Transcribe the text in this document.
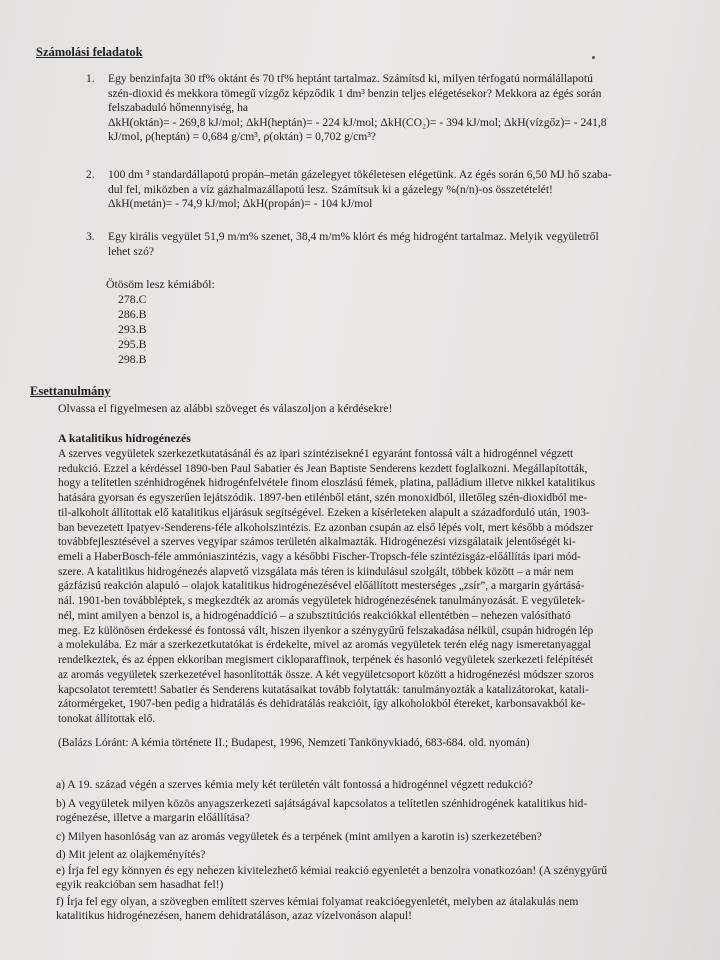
Számolási feladatok
1. Egy benzinfajta 30 tf% oktánt és 70 tf% heptánt tartalmaz. Számítsd ki, milyen térfogatú normálállapotú

szén-dioxid és mekkora tömegű vízgőz képződik 1 dm³ benzin teljes elégetésekor? Mekkora az égés során

felszabaduló hőmennyiség, ha

ΔkH(oktán)= - 269,8 kJ/mol; ΔkH(heptán)= - 224 kJ/mol; ΔkH(CO₂)= - 394 kJ/mol; ΔkH(vízgőz)= - 241,8

kJ/mol, ρ(heptán) = 0,684 g/cm³, ρ(oktán) = 0,702 g/cm³?

2. 100 dm ³ standardállapotú propán–metán gázelegyet tökéletesen elégetünk. Az égés során 6,50 MJ hő szaba-

dul fel, miközben a víz gázhalmazállapotú lesz. Számítsuk ki a gázelegy %(n/n)-os összetételét!

ΔkH(metán)= - 74,9 kJ/mol; ΔkH(propán)= - 104 kJ/mol

3. Egy királis vegyület 51,9 m/m% szenet, 38,4 m/m% klórt és még hidrogént tartalmaz. Melyik vegyületről

lehet szó?

Ötösöm lesz kémiából:
278.C
286.B
293.B
295.B
298.B
Esettanulmány

Olvassa el figyelmesen az alábbi szöveget és válaszoljon a kérdésekre!

A katalitikus hidrogénezés

A szerves vegyületek szerkezetkutatásánál és az ipari szintézisekné1 egyaránt fontossá vált a hidrogénnel végzett

redukció. Ezzel a kérdéssel 1890-ben Paul Sabatier és Jean Baptiste Senderens kezdett foglalkozni. Megállapították,

hogy a telítetlen szénhidrogének hidrogénfelvétele finom eloszlású fémek, platina, palládium illetve nikkel katalitikus

hatására gyorsan és egyszerűen lejátszódik. 1897-ben etilénből etánt, szén monoxidból, illetőleg szén-dioxidból me-

til-alkoholt állítottak elő katalitikus eljárásuk segítségével. Ezeken a kísérleteken alapult a századforduló után, 1903-

ban bevezetett Ipatyev-Senderens-féle alkoholszintézis. Ez azonban csupán az első lépés volt, mert később a módszer

továbbfejlesztésével a szerves vegyipar számos területén alkalmazták. Hidrogénezési vizsgálataik jelentőségét ki-

emeli a HaberBosch-féle ammóniaszintézis, vagy a későbbi Fischer-Tropsch-féle szintézisgáz-előállítás ipari mód-

szere. A katalitikus hidrogénezés alapvető vizsgálata más téren is kiindulásul szolgált, többek között – a már nem

gázfázisú reakción alapuló – olajok katalitikus hidrogénezésével előállított mesterséges „zsír”, a margarin gyártásá-

nál. 1901-ben továbbléptek, s megkezdték az aromás vegyületek hidrogénezésének tanulmányozását. E vegyületek-

nél, mint amilyen a benzol is, a hidrogénaddíció – a szubsztitúciós reakciókkal ellentétben – nehezen valósítható

meg. Ez különösen érdekessé és fontossá vált, hiszen ilyenkor a szénygyűrű felszakadása nélkül, csupán hidrogén lép

a molekulába. Ez már a szerkezetkutatókat is érdekelte, mivel az aromás vegyületek terén elég nagy ismeretanyaggal

rendelkeztek, és az éppen ekkoriban megismert cikloparaffinok, terpének és hasonló vegyületek szerkezeti felépítését

az aromás vegyületek szerkezetével hasonlították össze. A két vegyületcsoport között a hidrogénezési módszer szoros

kapcsolatot teremtett! Sabatier és Senderens kutatásaikat tovább folytatták: tanulmányozták a katalizátorokat, katali-

zátormérgeket, 1907-ben pedig a hidratálás és dehidratálás reakcióit, így alkoholokból étereket, karbonsavakból ke-

tonokat állítottak elő.

(Balázs Lóránt: A kémia története II.; Budapest, 1996, Nemzeti Tankönyvkiadó, 683-684. old. nyomán)

a) A 19. század végén a szerves kémia mely két területén vált fontossá a hidrogénnel végzett redukció?

b) A vegyületek milyen közös anyagszerkezeti sajátságával kapcsolatos a telítetlen szénhidrogének katalitikus hid-

rogénezése, illetve a margarin előállítása?

c) Milyen hasonlóság van az aromás vegyületek és a terpének (mint amilyen a karotin is) szerkezetében?

d) Mit jelent az olajkeményítés?

e) Írja fel egy könnyen és egy nehezen kivitelezhető kémiai reakció egyenletét a benzolra vonatkozóan! (A szénygyűrű

egyik reakcióban sem hasadhat fel!)

f) Írja fel egy olyan, a szövegben említett szerves kémiai folyamat reakcióegyenletét, melyben az átalakulás nem

katalitikus hidrogénezésen, hanem dehidratáláson, azaz vízelvonáson alapul!
